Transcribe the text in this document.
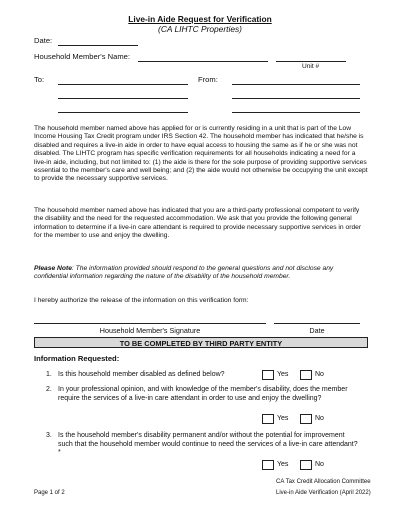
Live-in Aide Request for Verification
(CA LIHTC Properties)
Date:
Household Member's Name:
Unit #
To:	From:
The household member named above has applied for or is currently residing in a unit that is part of the Low Income Housing Tax Credit program under IRS Section 42. The household member has indicated that he/she is disabled and requires a live-in aide in order to have equal access to housing the same as if he or she was not disabled. The LIHTC program has specific verification requirements for all households indicating a need for a live-in aide, including, but not limited to: (1) the aide is there for the sole purpose of providing supportive services essential to the member's care and well being; and (2) the aide would not otherwise be occupying the unit except to provide the necessary supportive services.
The household member named above has indicated that you are a third-party professional competent to verify the disability and the need for the requested accommodation. We ask that you provide the following general information to determine if a live-in care attendant is required to provide necessary supportive services in order for the member to use and enjoy the dwelling.
Please Note: The information provided should respond to the general questions and not disclose any confidential information regarding the nature of the disability of the household member.
I hereby authorize the release of the information on this verification form:
Household Member's Signature	Date
TO BE COMPLETED BY THIRD PARTY ENTITY
Information Requested:
1. Is this household member disabled as defined below?	Yes	No
2. In your professional opinion, and with knowledge of the member's disability, does the member require the services of a live-in care attendant in order to use and enjoy the dwelling?
Yes	No
3. Is the household member's disability permanent and/or without the potential for improvement such that the household member would continue to need the services of a live-in care attendant?*
Yes	No
Page 1 of 2
CA Tax Credit Allocation Committee
Live-in Aide Verification (April 2022)
